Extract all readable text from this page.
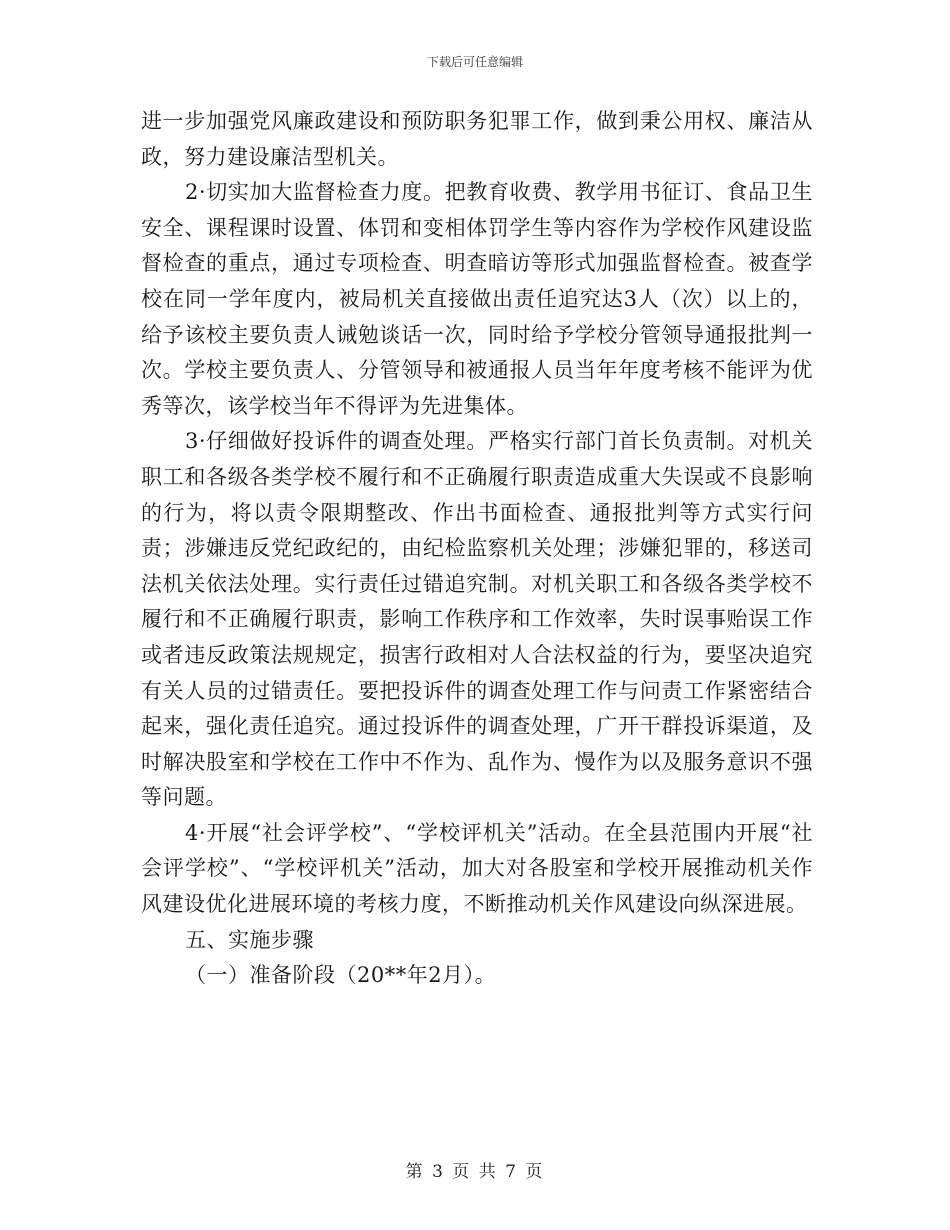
下载后可任意编辑

进一步加强党风廉政建设和预防职务犯罪工作，做到秉公用权、廉洁从政，努力建设廉洁型机关。

2·切实加大监督检查力度。把教育收费、教学用书征订、食品卫生安全、课程课时设置、体罚和变相体罚学生等内容作为学校作风建设监督检查的重点，通过专项检查、明查暗访等形式加强监督检查。被查学校在同一学年度内，被局机关直接做出责任追究达3人（次）以上的，给予该校主要负责人诫勉谈话一次，同时给予学校分管领导通报批判一次。学校主要负责人、分管领导和被通报人员当年年度考核不能评为优秀等次，该学校当年不得评为先进集体。

3·仔细做好投诉件的调查处理。严格实行部门首长负责制。对机关职工和各级各类学校不履行和不正确履行职责造成重大失误或不良影响的行为，将以责令限期整改、作出书面检查、通报批判等方式实行问责；涉嫌违反党纪政纪的，由纪检监察机关处理；涉嫌犯罪的，移送司法机关依法处理。实行责任过错追究制。对机关职工和各级各类学校不履行和不正确履行职责，影响工作秩序和工作效率，失时误事贻误工作或者违反政策法规规定，损害行政相对人合法权益的行为，要坚决追究有关人员的过错责任。要把投诉件的调查处理工作与问责工作紧密结合起来，强化责任追究。通过投诉件的调查处理，广开干群投诉渠道，及时解决股室和学校在工作中不作为、乱作为、慢作为以及服务意识不强等问题。

4·开展“社会评学校”、“学校评机关”活动。在全县范围内开展“社会评学校”、“学校评机关”活动，加大对各股室和学校开展推动机关作风建设优化进展环境的考核力度，不断推动机关作风建设向纵深进展。

五、实施步骤

（一）准备阶段（20**年2月）。

第 3 页 共 7 页
